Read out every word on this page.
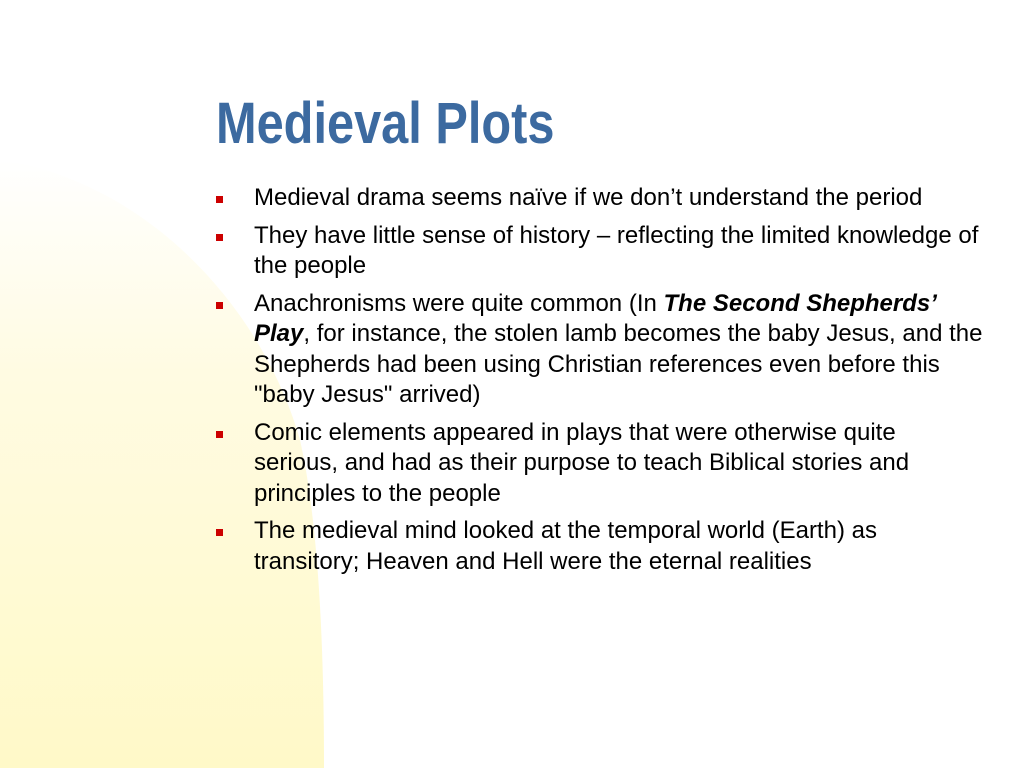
Medieval Plots
Medieval drama seems naïve if we don’t understand the period
They have little sense of history – reflecting the limited knowledge of the people
Anachronisms were quite common (In The Second Shepherds’ Play, for instance, the stolen lamb becomes the baby Jesus, and the Shepherds had been using Christian references even before this "baby Jesus" arrived)
Comic elements appeared in plays that were otherwise quite serious, and had as their purpose to teach Biblical stories and principles to the people
The medieval mind looked at the temporal world (Earth) as transitory; Heaven and Hell were the eternal realities
